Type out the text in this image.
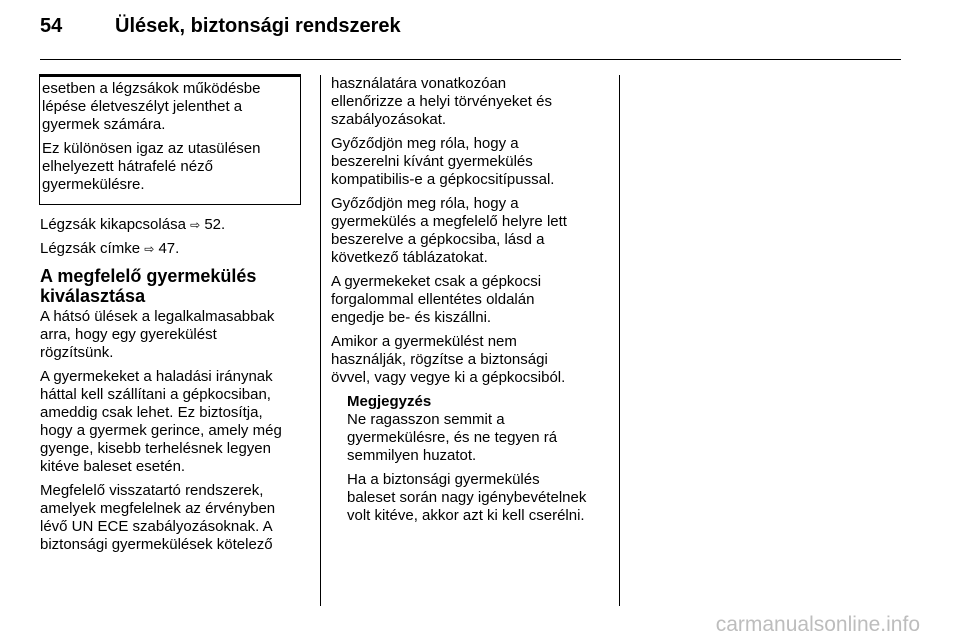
54	Ülések, biztonsági rendszerek

esetben a légzsákok működésbe
lépése életveszélyt jelenthet a
gyermek számára.

Ez különösen igaz az utasülésen
elhelyezett hátrafelé néző
gyermekülésre.

Légzsák kikapcsolása ⇨ 52.

Légzsák címke ⇨ 47.

A megfelelő gyermekülés
kiválasztása

A hátsó ülések a legalkalmasabbak
arra, hogy egy gyerekülést
rögzítsünk.

A gyermekeket a haladási iránynak
háttal kell szállítani a gépkocsiban,
ameddig csak lehet. Ez biztosítja,
hogy a gyermek gerince, amely még
gyenge, kisebb terhelésnek legyen
kitéve baleset esetén.

Megfelelő visszatartó rendszerek,
amelyek megfelelnek az érvényben
lévő UN ECE szabályozásoknak. A
biztonsági gyermekülések kötelező

használatára vonatkozóan
ellenőrizze a helyi törvényeket és
szabályozásokat.

Győződjön meg róla, hogy a
beszerelni kívánt gyermekülés
kompatibilis-e a gépkocsitípussal.

Győződjön meg róla, hogy a
gyermekülés a megfelelő helyre lett
beszerelve a gépkocsiba, lásd a
következő táblázatokat.

A gyermekeket csak a gépkocsi
forgalommal ellentétes oldalán
engedje be- és kiszállni.

Amikor a gyermekülést nem
használják, rögzítse a biztonsági
övvel, vagy vegye ki a gépkocsiból.

Megjegyzés

Ne ragasszon semmit a
gyermekülésre, és ne tegyen rá
semmilyen huzatot.

Ha a biztonsági gyermekülés
baleset során nagy igénybevételnek
volt kitéve, akkor azt ki kell cserélni.

carmanualsonline.info
